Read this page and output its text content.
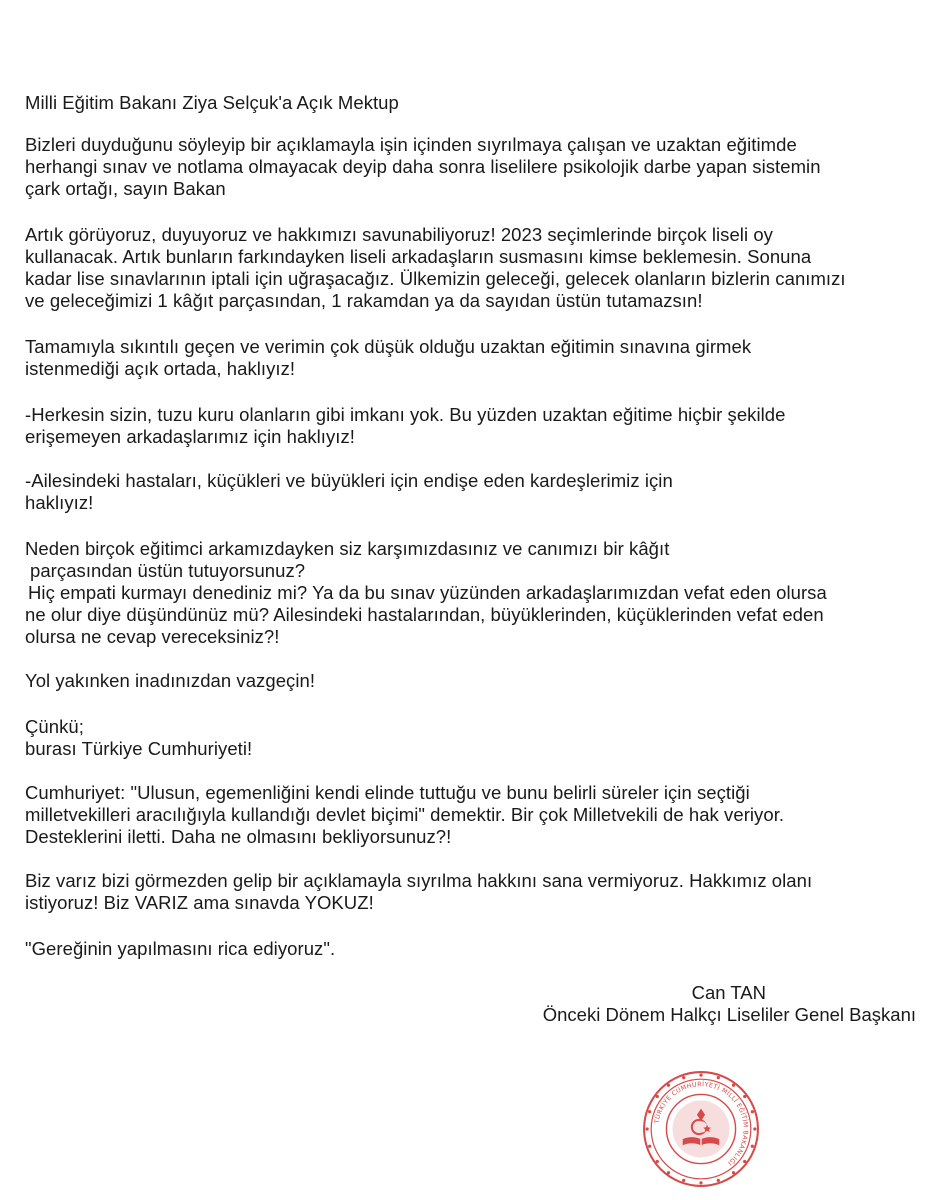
Milli Eğitim Bakanı Ziya Selçuk'a Açık Mektup
Bizleri duyduğunu söyleyip bir açıklamayla işin içinden sıyrılmaya çalışan ve uzaktan eğitimde
herhangi sınav ve notlama olmayacak deyip daha sonra liselilere psikolojik darbe yapan sistemin
çark ortağı, sayın Bakan
Artık görüyoruz, duyuyoruz ve hakkımızı savunabiliyoruz! 2023 seçimlerinde birçok liseli oy
kullanacak. Artık bunların farkındayken liseli arkadaşların susmasını kimse beklemesin. Sonuna
kadar lise sınavlarının iptali için uğraşacağız. Ülkemizin geleceği, gelecek olanların bizlerin canımızı
ve geleceğimizi 1 kâğıt parçasından, 1 rakamdan ya da sayıdan üstün tutamazsın!
Tamamıyla sıkıntılı geçen ve verimin çok düşük olduğu uzaktan eğitimin sınavına girmek
istenmediği açık ortada, haklıyız!
-Herkesin sizin, tuzu kuru olanların gibi imkanı yok. Bu yüzden uzaktan eğitime hiçbir şekilde
erişemeyen arkadaşlarımız için haklıyız!
-Ailesindeki hastaları, küçükleri ve büyükleri için endişe eden kardeşlerimiz için
haklıyız!
Neden birçok eğitimci arkamızdayken siz karşımızdasınız ve canımızı bir kâğıt
parçasından üstün tutuyorsunuz?
Hiç empati kurmayı denediniz mi? Ya da bu sınav yüzünden arkadaşlarımızdan vefat eden olursa
ne olur diye düşündünüz mü? Ailesindeki hastalarından, büyüklerinden, küçüklerinden vefat eden
olursa ne cevap vereceksiniz?!
Yol yakınken inadınızdan vazgeçin!
Çünkü;
burası Türkiye Cumhuriyeti!
Cumhuriyet: "Ulusun, egemenliğini kendi elinde tuttuğu ve bunu belirli süreler için seçtiği
milletvekilleri aracılığıyla kullandığı devlet biçimi" demektir. Bir çok Milletvekili de hak veriyor.
Desteklerini iletti. Daha ne olmasını bekliyorsunuz?!
Biz varız bizi görmezden gelip bir açıklamayla sıyrılma hakkını sana vermiyoruz. Hakkımız olanı
istiyoruz! Biz VARIZ ama sınavda YOKUZ!
"Gereğinin yapılmasını rica ediyoruz".
Can TAN
Önceki Dönem Halkçı Liseliler Genel Başkanı
TÜRKİYE CUMHURİYETİ MİLLÎ EĞİTİM BAKANLIĞI
